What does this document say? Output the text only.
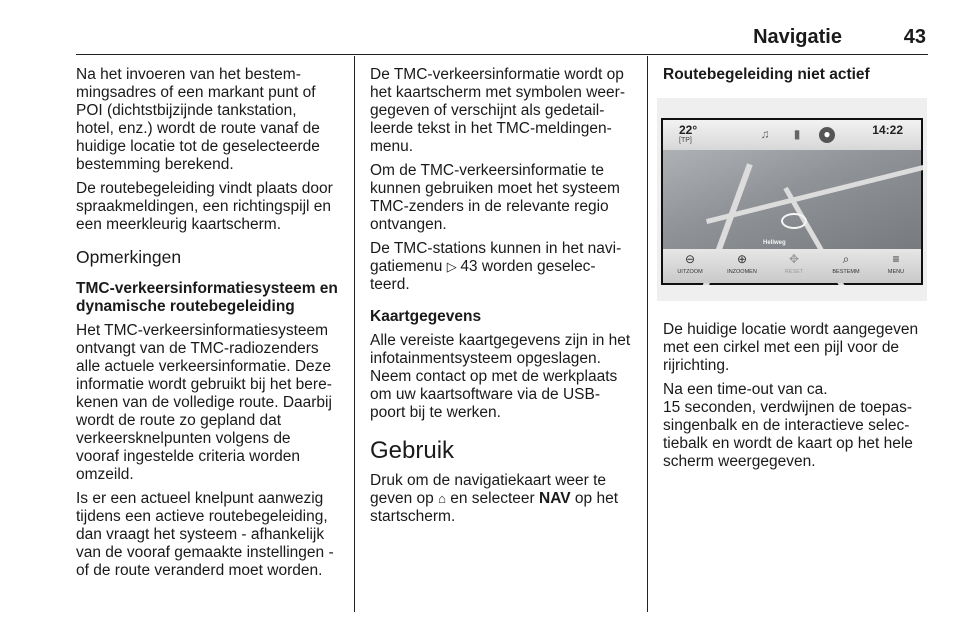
Navigatie	43

Na het invoeren van het bestem-
mingsadres of een markant punt of
POI (dichtstbijzijnde tankstation,
hotel, enz.) wordt de route vanaf de
huidige locatie tot de geselecteerde
bestemming berekend.

De routebegeleiding vindt plaats door
spraakmeldingen, een richtingspijl en
een meerkleurig kaartscherm.

Opmerkingen

TMC-verkeersinformatiesysteem en
dynamische routebegeleiding

Het TMC-verkeersinformatiesysteem
ontvangt van de TMC-radiozenders
alle actuele verkeersinformatie. Deze
informatie wordt gebruikt bij het bere-
kenen van de volledige route. Daarbij
wordt de route zo gepland dat
verkeersknelpunten volgens de
vooraf ingestelde criteria worden
omzeild.

Is er een actueel knelpunt aanwezig
tijdens een actieve routebegeleiding,
dan vraagt het systeem - afhankelijk
van de vooraf gemaakte instellingen -
of de route veranderd moet worden.

De TMC-verkeersinformatie wordt op
het kaartscherm met symbolen weer-
gegeven of verschijnt als gedetail-
leerde tekst in het TMC-meldingen-
menu.

Om de TMC-verkeersinformatie te
kunnen gebruiken moet het systeem
TMC-zenders in de relevante regio
ontvangen.

De TMC-stations kunnen in het navi-
gatiemenu ▷ 43 worden geselec-
teerd.

Kaartgegevens

Alle vereiste kaartgegevens zijn in het
infotainmentsysteem opgeslagen.
Neem contact op met de werkplaats
om uw kaartsoftware via de USB-
poort bij te werken.

Gebruik

Druk om de navigatiekaart weer te
geven op ⌂ en selecteer NAV op het
startscherm.

Routebegeleiding niet actief

Hellweg
22°
[TP]	♫	▮	●	14:22
⊖
UITZOOM
⊕
INZOOMEN
✥
RESET
⌕
BESTEMM
≡
MENU

De huidige locatie wordt aangegeven
met een cirkel met een pijl voor de
rijrichting.

Na een time-out van ca.
15 seconden, verdwijnen de toepas-
singenbalk en de interactieve selec-
tiebalk en wordt de kaart op het hele
scherm weergegeven.
